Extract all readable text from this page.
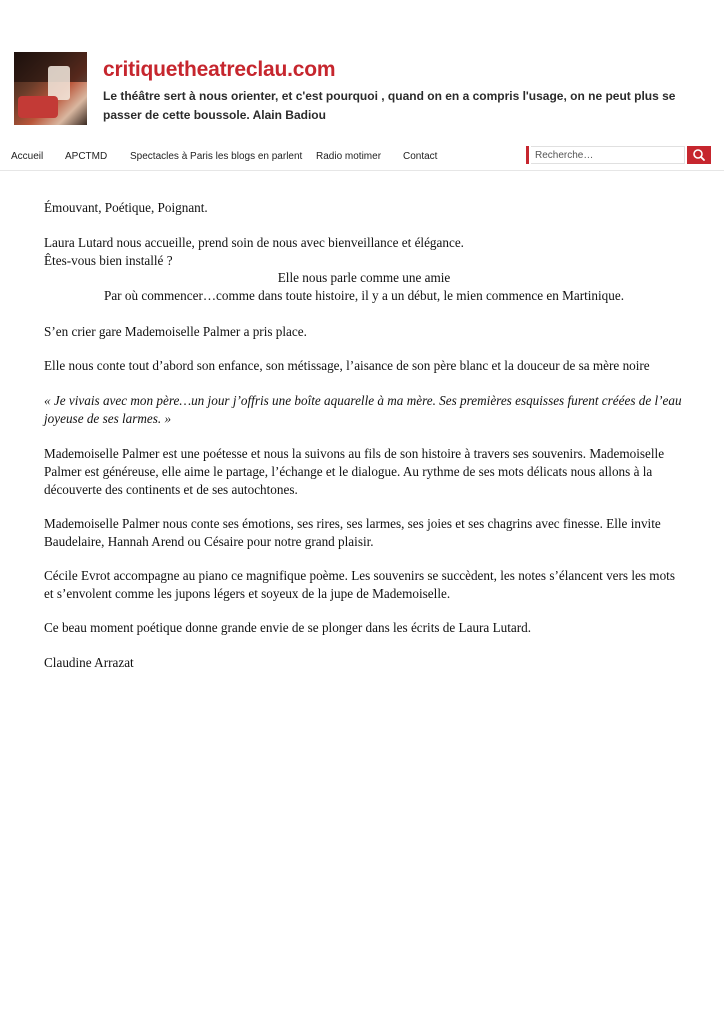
critiquetheatreclau.com

Le théâtre sert à nous orienter, et c'est pourquoi , quand on en a compris l'usage, on ne peut plus se passer de cette boussole. Alain Badiou

Accueil APCTMD Spectacles à Paris les blogs en parlent Radio motimer Contact
Recherche…

Émouvant, Poétique, Poignant.

Laura Lutard nous accueille, prend soin de nous avec bienveillance et élégance.

Êtes-vous bien installé ?

Elle nous parle comme une amie

Par où commencer…comme dans toute histoire, il y a un début, le mien commence en Martinique.

S’en crier gare Mademoiselle Palmer a pris place.

Elle nous conte tout d’abord son enfance, son métissage, l’aisance de son père blanc et la douceur de sa mère noire

« Je vivais avec mon père…un jour j’offris une boîte aquarelle à ma mère. Ses premières esquisses furent créées de l’eau joyeuse de ses larmes. »

Mademoiselle Palmer est une poétesse et nous la suivons au fils de son histoire à travers ses souvenirs. Mademoiselle Palmer est généreuse, elle aime le partage, l’échange et le dialogue. Au rythme de ses mots délicats nous allons à la découverte des continents et de ses autochtones.

Mademoiselle Palmer nous conte ses émotions, ses rires, ses larmes, ses joies et ses chagrins avec finesse. Elle invite Baudelaire, Hannah Arend ou Césaire pour notre grand plaisir.

Cécile Evrot accompagne au piano ce magnifique poème. Les souvenirs se succèdent, les notes s’élancent vers les mots et s’envolent comme les jupons légers et soyeux de la jupe de Mademoiselle.

Ce beau moment poétique donne grande envie de se plonger dans les écrits de Laura Lutard.

Claudine Arrazat
